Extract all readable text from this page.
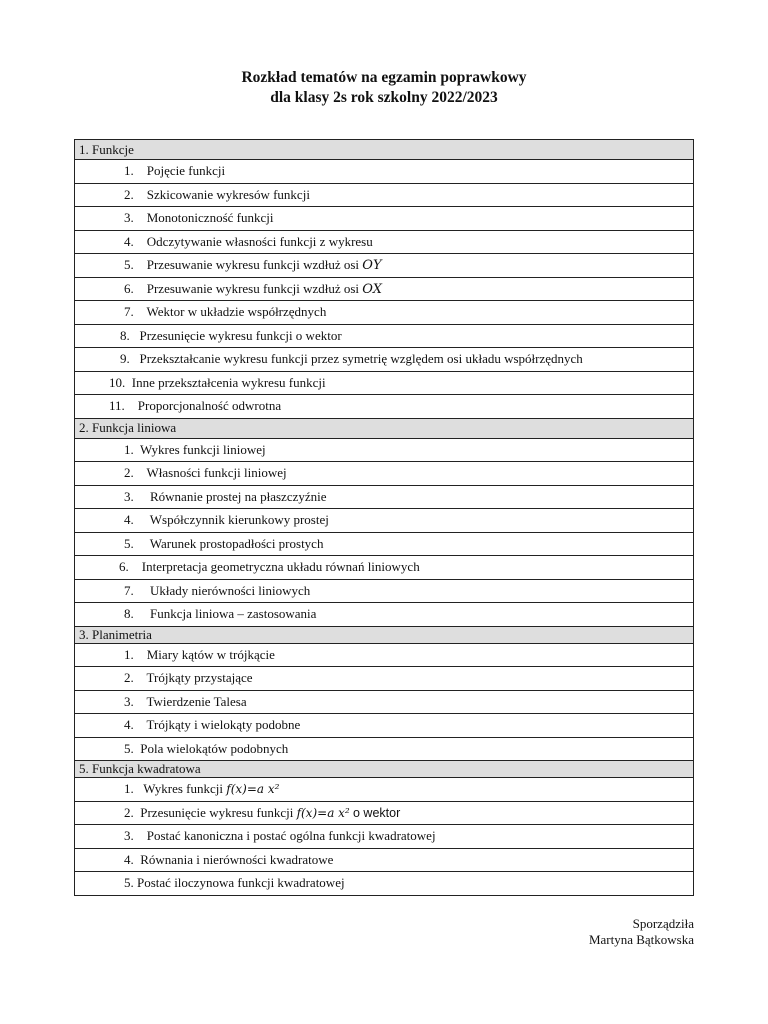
Rozkład tematów na egzamin poprawkowy
dla klasy 2s rok szkolny 2022/2023
1. Funkcje
1. Pojęcie funkcji
2. Szkicowanie wykresów funkcji
3. Monotoniczność funkcji
4. Odczytywanie własności funkcji z wykresu
5. Przesuwanie wykresu funkcji wzdłuż osi OY
6. Przesuwanie wykresu funkcji wzdłuż osi OX
7. Wektor w układzie współrzędnych
8. Przesunięcie wykresu funkcji o wektor
9. Przekształcanie wykresu funkcji przez symetrię względem osi układu współrzędnych
10. Inne przekształcenia wykresu funkcji
11. Proporcjonalność odwrotna
2. Funkcja liniowa
1. Wykres funkcji liniowej
2. Własności funkcji liniowej
3. Równanie prostej na płaszczyźnie
4. Współczynnik kierunkowy prostej
5. Warunek prostopadłości prostych
6. Interpretacja geometryczna układu równań liniowych
7. Układy nierówności liniowych
8. Funkcja liniowa – zastosowania
3. Planimetria
1. Miary kątów w trójkącie
2. Trójkąty przystające
3. Twierdzenie Talesa
4. Trójkąty i wielokąty podobne
5. Pola wielokątów podobnych
5. Funkcja kwadratowa
1. Wykres funkcji f(x)=a x²
2. Przesunięcie wykresu funkcji f(x)=a x² o wektor
3. Postać kanoniczna i postać ogólna funkcji kwadratowej
4. Równania i nierówności kwadratowe
5. Postać iloczynowa funkcji kwadratowej
Sporządziła
Martyna Bątkowska
